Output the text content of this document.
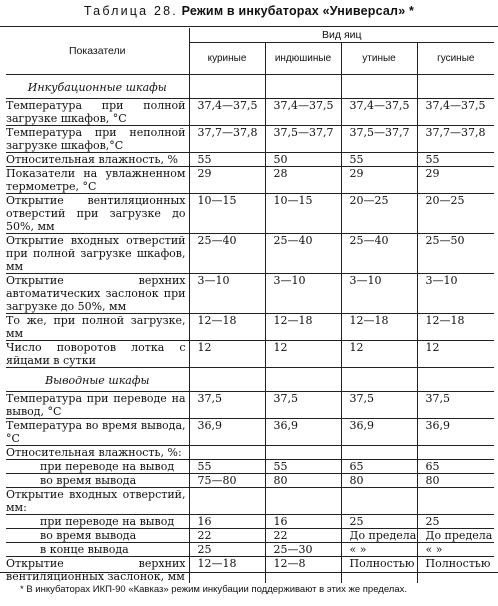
Таблица 28. Режим в инкубаторах «Универсал» *
Показатели	Вид яиц			
	куриные	индюшиные	утиные	гусиные
Инкубационные шкафы				
Температура при полной загрузке шкафов, °С	37,4—37,5	37,4—37,5	37,4—37,5	37,4—37,5
Температура при неполной загрузке шкафов,°С	37,7—37,8	37,5—37,7	37,5—37,7	37,7—37,8
Относительная влажность, %	55	50	55	55
Показатели на увлажненном термометре, °С	29	28	29	29
Открытие вентиляционных отверстий при загрузке до 50%, мм	10—15	10—15	20—25	20—25
Открытие входных отверстий при полной загрузке шкафов, мм	25—40	25—40	25—40	25—50
Открытие верхних автоматических заслонок при загрузке до 50%, мм	3—10	3—10	3—10	3—10
То же, при полной загрузке, мм	12—18	12—18	12—18	12—18
Число поворотов лотка с яйцами в сутки	12	12	12	12
Выводные шкафы				
Температура при переводе на вывод, °С	37,5	37,5	37,5	37,5
Температура во время вывода, °С	36,9	36,9	36,9	36,9
Относительная влажность, %:				
при переводе на вывод	55	55	65	65
во время вывода	75—80	80	80	80
Открытие входных отверстий, мм:				
при переводе на вывод	16	16	25	25
во время вывода	22	22	До предела	До предела
в конце вывода	25	25—30	« »	« »
Открытие верхних вентиляционных заслонок, мм	12—18	12—8	Полностью	Полностью
* В инкубаторах ИКП-90 «Кавказ» режим инкубации поддерживают в этих же пределах.
